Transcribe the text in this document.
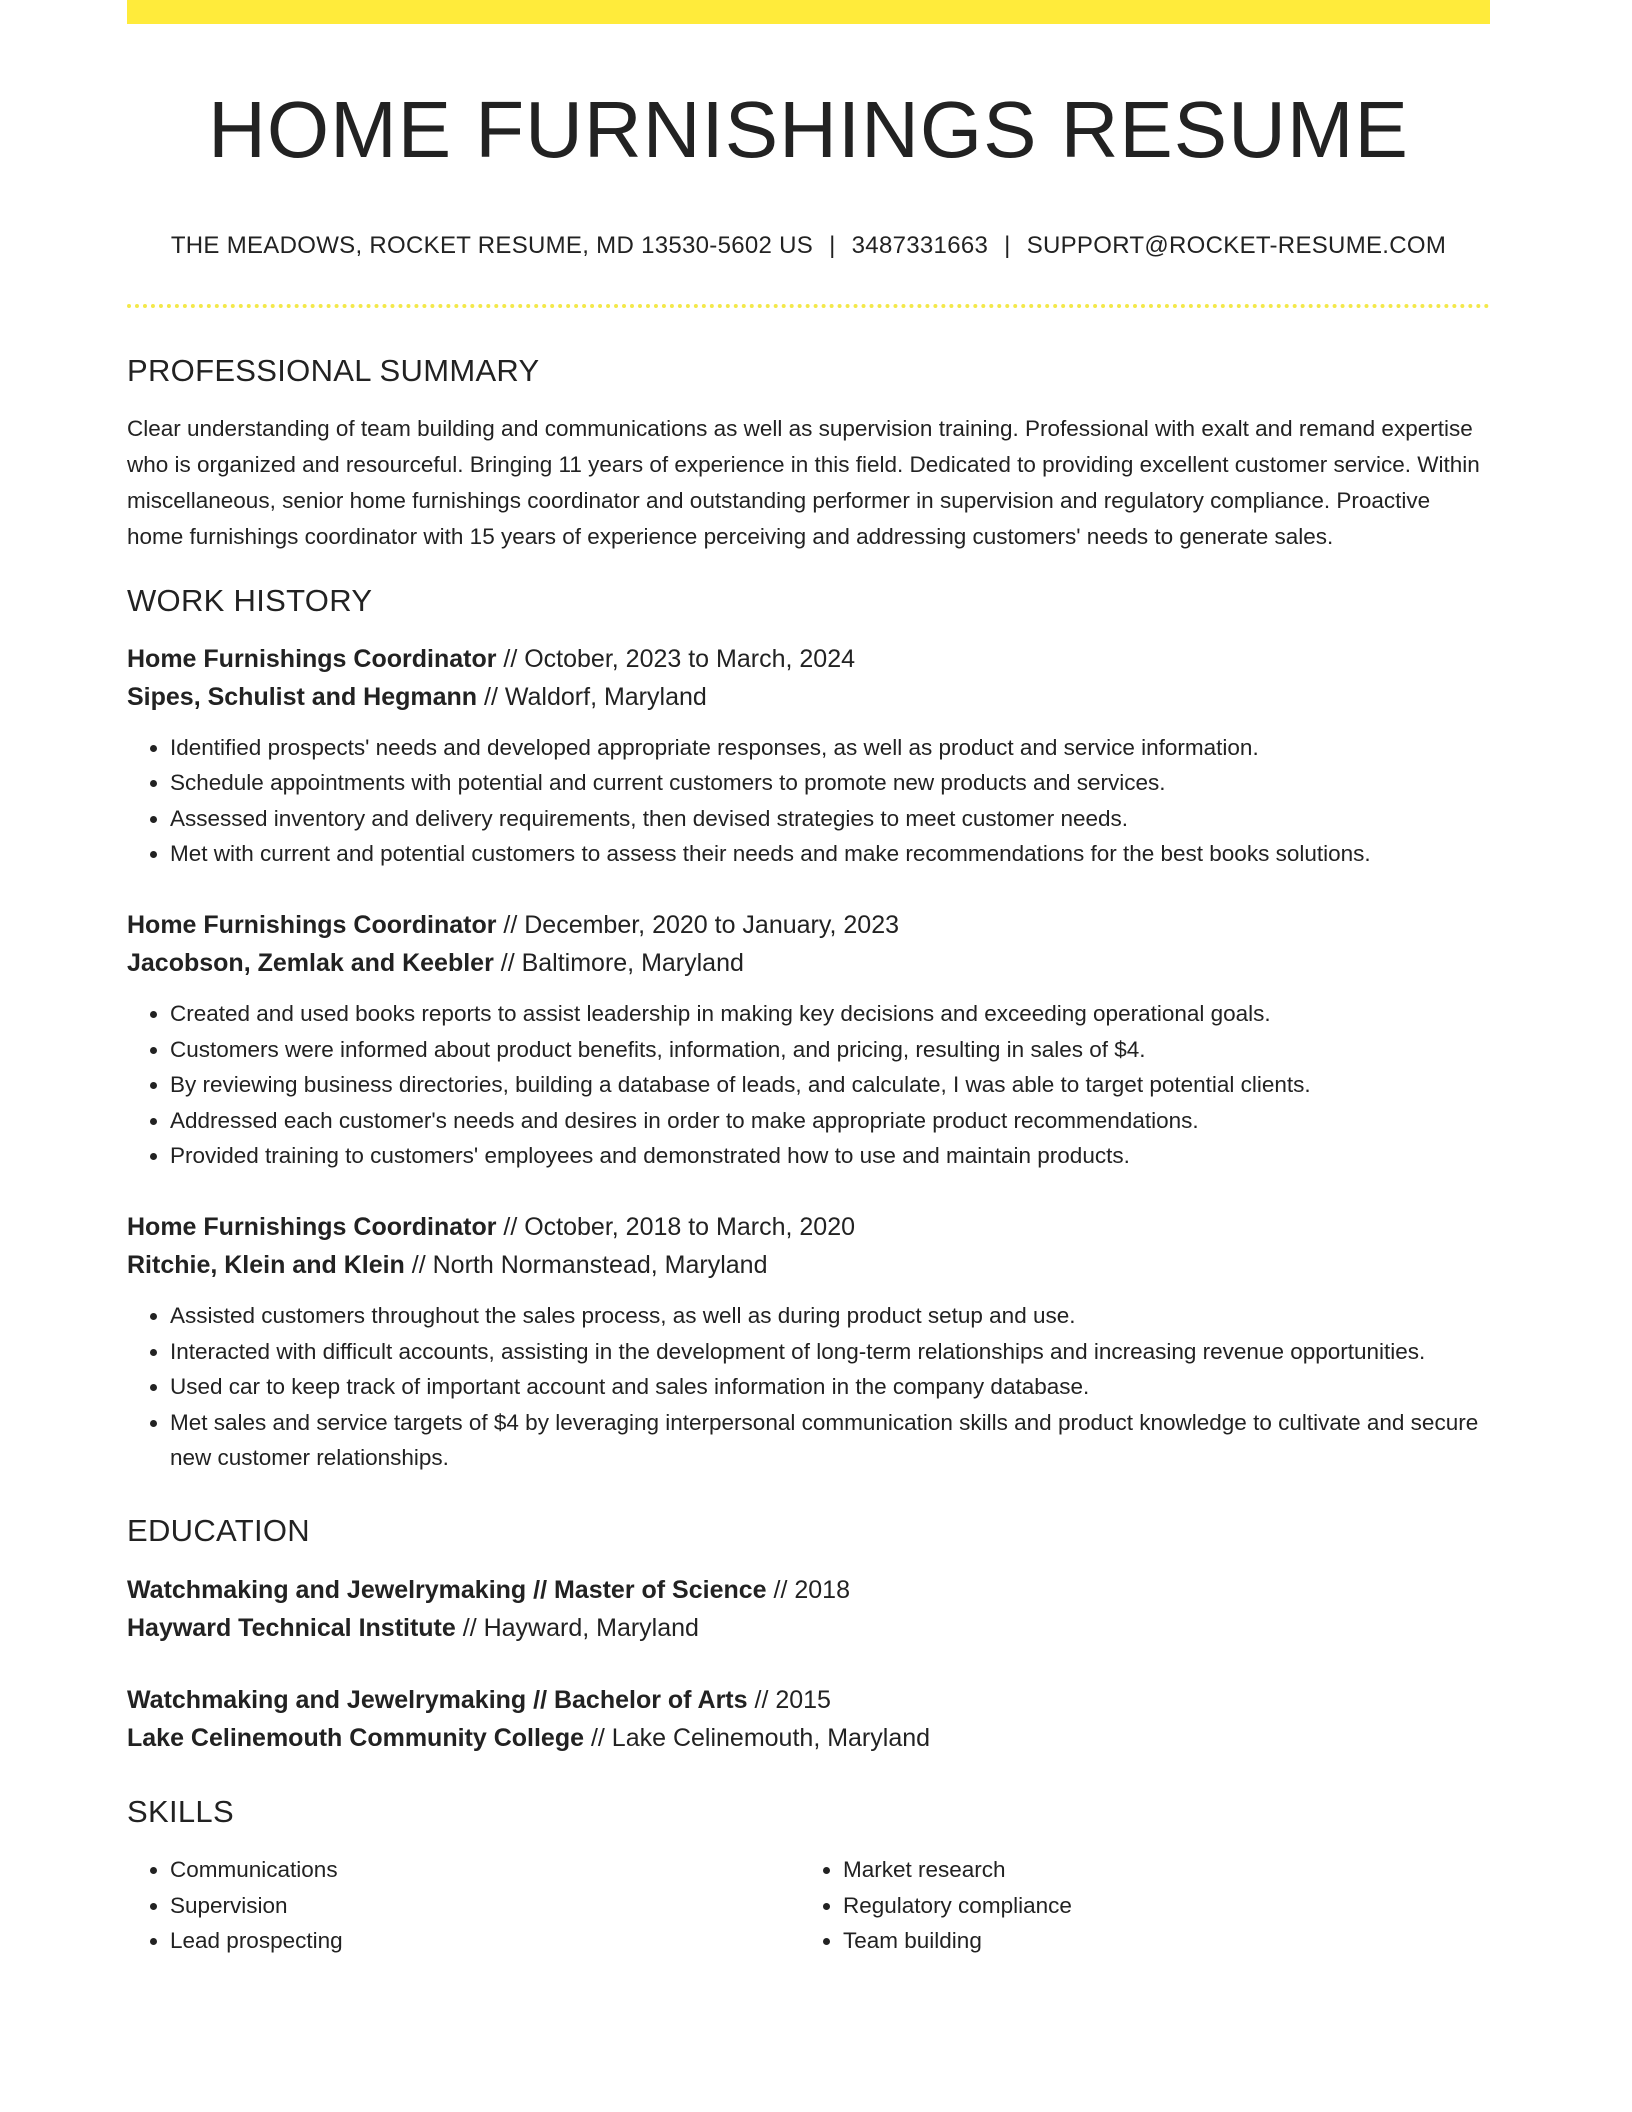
HOME FURNISHINGS RESUME
THE MEADOWS, ROCKET RESUME, MD 13530-5602 US | 3487331663 | SUPPORT@ROCKET-RESUME.COM
PROFESSIONAL SUMMARY

Clear understanding of team building and communications as well as supervision training. Professional with exalt and remand expertise who is organized and resourceful. Bringing 11 years of experience in this field. Dedicated to providing excellent customer service. Within miscellaneous, senior home furnishings coordinator and outstanding performer in supervision and regulatory compliance. Proactive home furnishings coordinator with 15 years of experience perceiving and addressing customers' needs to generate sales.

WORK HISTORY
Home Furnishings Coordinator // October, 2023 to March, 2024
Sipes, Schulist and Hegmann // Waldorf, Maryland
• Identified prospects' needs and developed appropriate responses, as well as product and service information.
• Schedule appointments with potential and current customers to promote new products and services.
• Assessed inventory and delivery requirements, then devised strategies to meet customer needs.
• Met with current and potential customers to assess their needs and make recommendations for the best books solutions.
Home Furnishings Coordinator // December, 2020 to January, 2023
Jacobson, Zemlak and Keebler // Baltimore, Maryland
• Created and used books reports to assist leadership in making key decisions and exceeding operational goals.
• Customers were informed about product benefits, information, and pricing, resulting in sales of $4.
• By reviewing business directories, building a database of leads, and calculate, I was able to target potential clients.
• Addressed each customer's needs and desires in order to make appropriate product recommendations.
• Provided training to customers' employees and demonstrated how to use and maintain products.
Home Furnishings Coordinator // October, 2018 to March, 2020
Ritchie, Klein and Klein // North Normanstead, Maryland
• Assisted customers throughout the sales process, as well as during product setup and use.
• Interacted with difficult accounts, assisting in the development of long-term relationships and increasing revenue opportunities.
• Used car to keep track of important account and sales information in the company database.
• Met sales and service targets of $4 by leveraging interpersonal communication skills and product knowledge to cultivate and secure new customer relationships.
EDUCATION
Watchmaking and Jewelrymaking // Master of Science // 2018
Hayward Technical Institute // Hayward, Maryland
Watchmaking and Jewelrymaking // Bachelor of Arts // 2015
Lake Celinemouth Community College // Lake Celinemouth, Maryland
SKILLS
• Communications
• Supervision
• Lead prospecting
• Market research
• Regulatory compliance
• Team building
